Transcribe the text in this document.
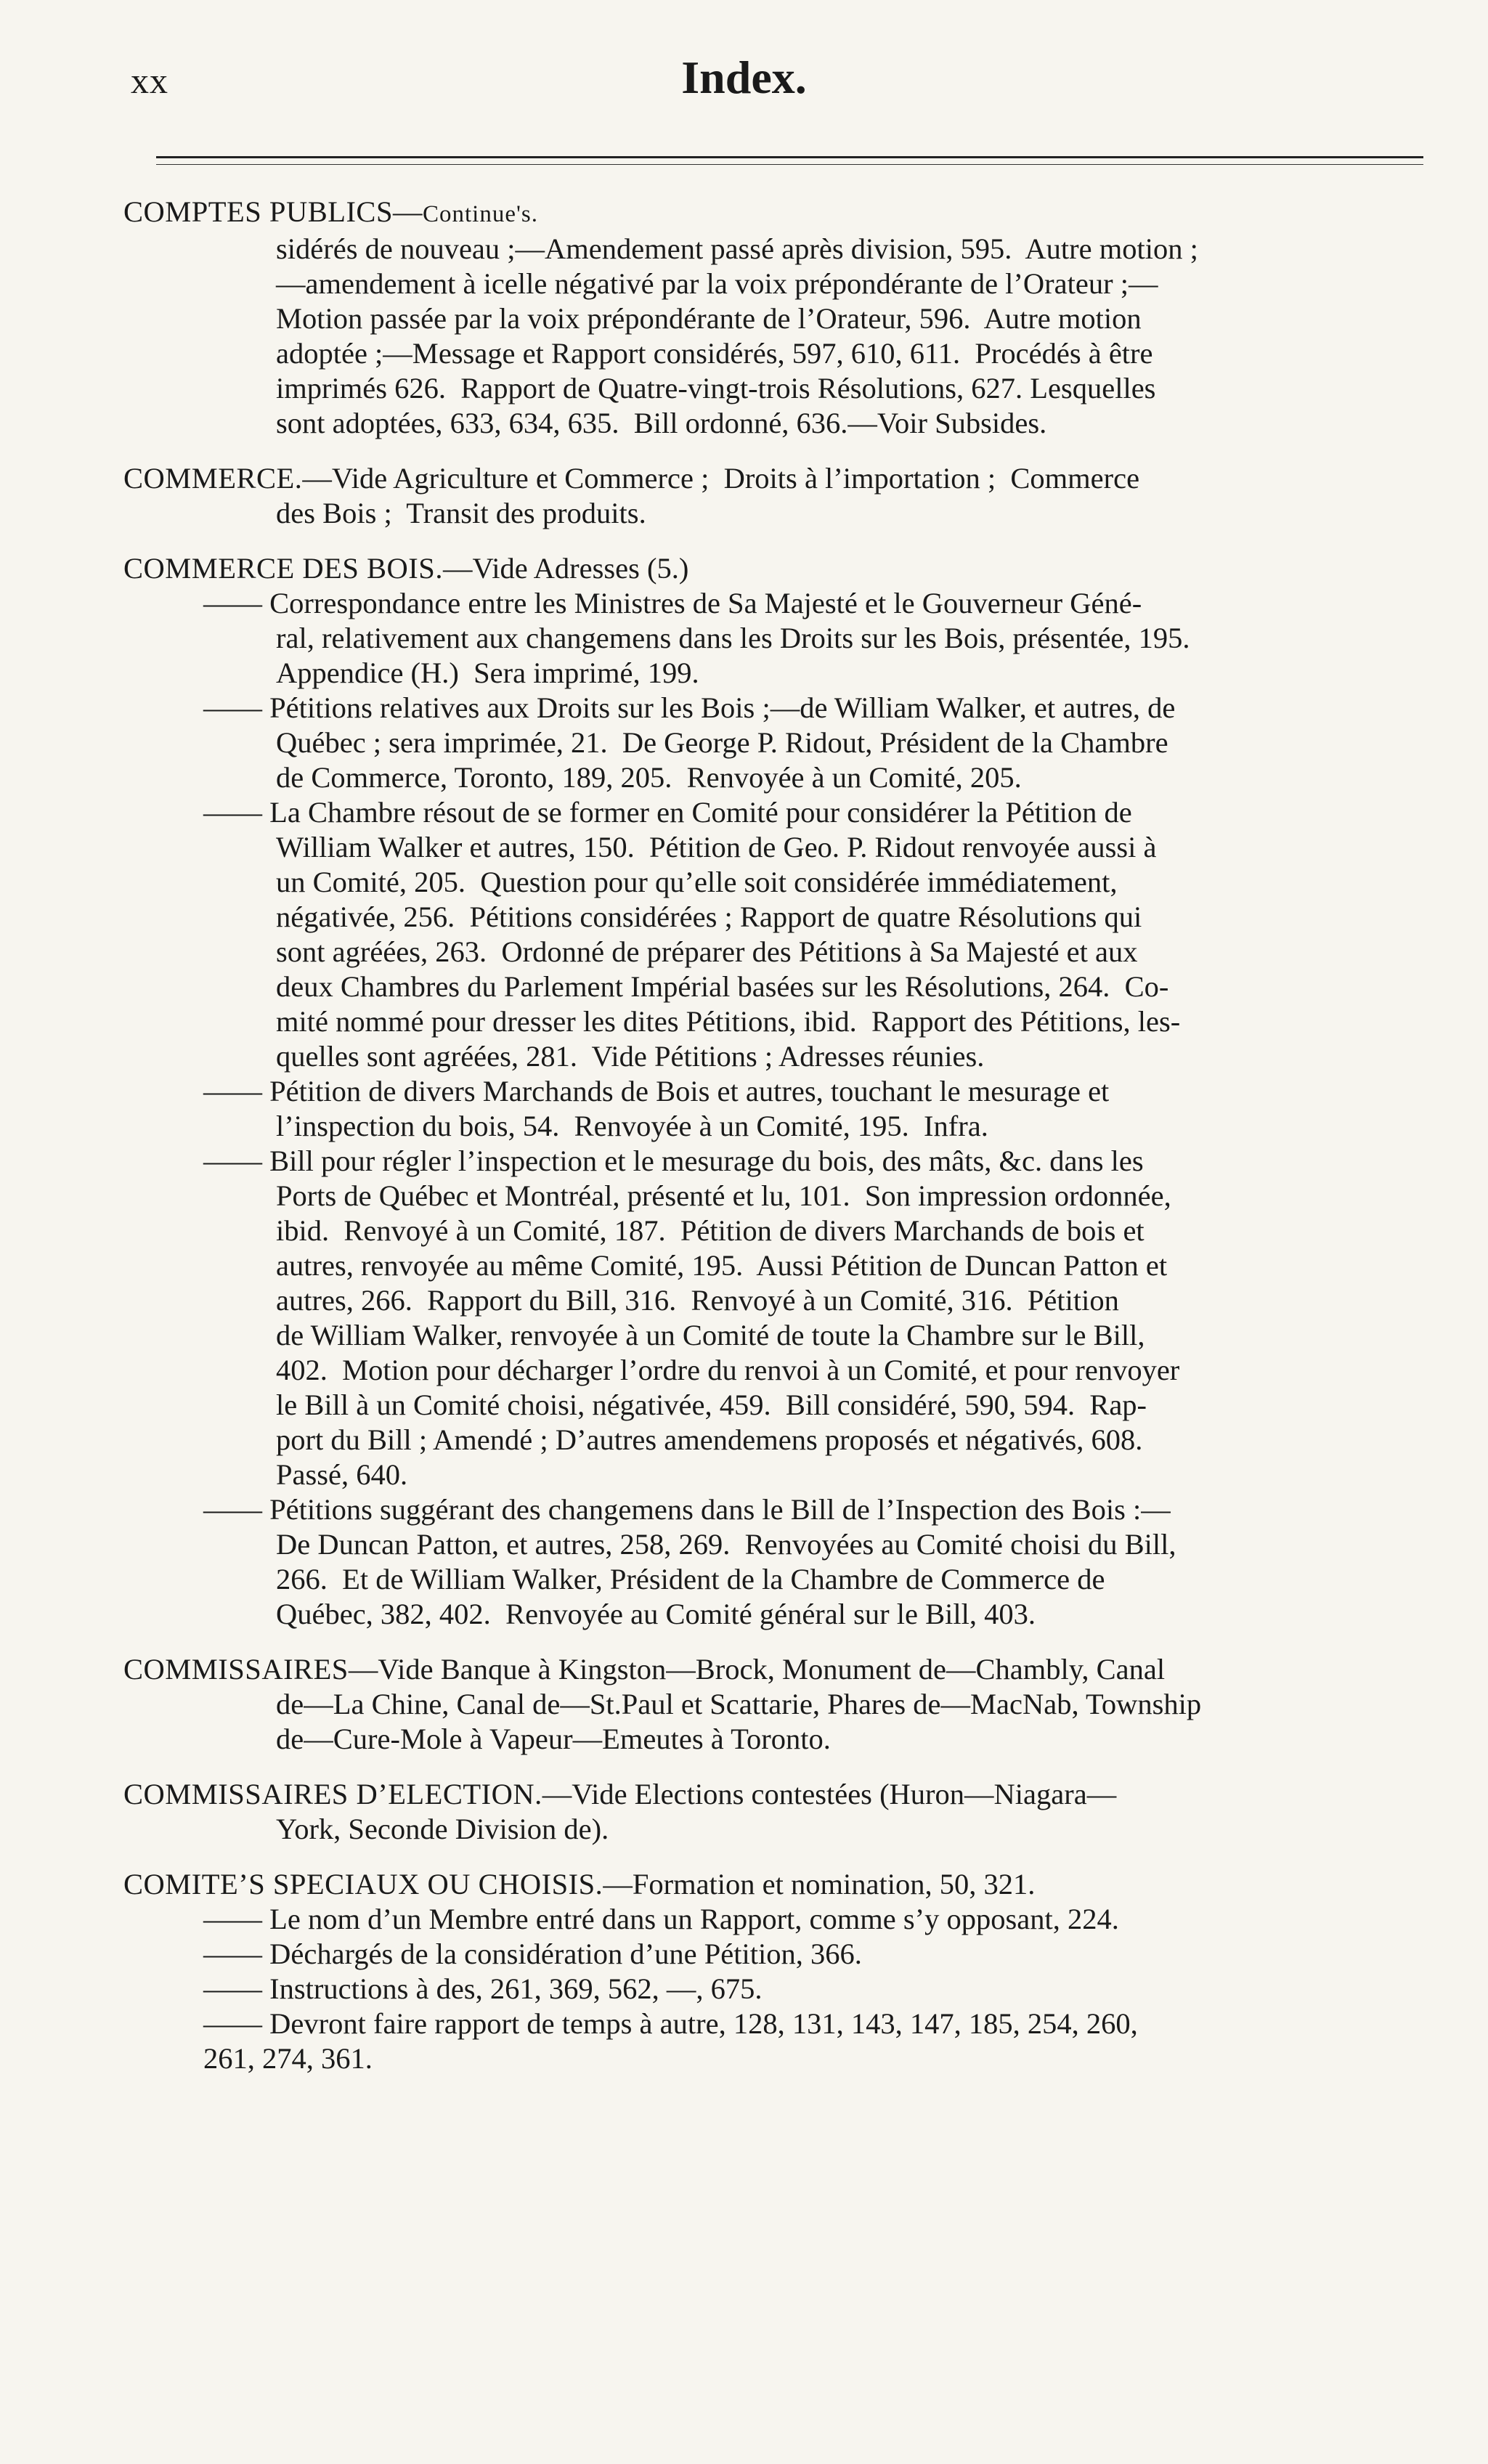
xx	Index.
COMPTES PUBLICS—Continue's.
sidérés de nouveau ;—Amendement passé après division, 595.  Autre motion ;
—amendement à icelle négativé par la voix prépondérante de l’Orateur ;—
Motion passée par la voix prépondérante de l’Orateur, 596.  Autre motion
adoptée ;—Message et Rapport considérés, 597, 610, 611.  Procédés à être
imprimés 626.  Rapport de Quatre-vingt-trois Résolutions, 627. Lesquelles
sont adoptées, 633, 634, 635.  Bill ordonné, 636.—Voir Subsides.
COMMERCE.—Vide Agriculture et Commerce ;  Droits à l’importation ;  Commerce
des Bois ;  Transit des produits.
COMMERCE DES BOIS.—Vide Adresses (5.)
—— Correspondance entre les Ministres de Sa Majesté et le Gouverneur Géné-
ral, relativement aux changemens dans les Droits sur les Bois, présentée, 195.
Appendice (H.)  Sera imprimé, 199.
—— Pétitions relatives aux Droits sur les Bois ;—de William Walker, et autres, de
Québec ; sera imprimée, 21.  De George P. Ridout, Président de la Chambre
de Commerce, Toronto, 189, 205.  Renvoyée à un Comité, 205.
—— La Chambre résout de se former en Comité pour considérer la Pétition de
William Walker et autres, 150.  Pétition de Geo. P. Ridout renvoyée aussi à
un Comité, 205.  Question pour qu’elle soit considérée immédiatement,
négativée, 256.  Pétitions considérées ; Rapport de quatre Résolutions qui
sont agréées, 263.  Ordonné de préparer des Pétitions à Sa Majesté et aux
deux Chambres du Parlement Impérial basées sur les Résolutions, 264.  Co-
mité nommé pour dresser les dites Pétitions, ibid.  Rapport des Pétitions, les-
quelles sont agréées, 281.  Vide Pétitions ; Adresses réunies.
—— Pétition de divers Marchands de Bois et autres, touchant le mesurage et
l’inspection du bois, 54.  Renvoyée à un Comité, 195.  Infra.
—— Bill pour régler l’inspection et le mesurage du bois, des mâts, &c. dans les
Ports de Québec et Montréal, présenté et lu, 101.  Son impression ordonnée,
ibid.  Renvoyé à un Comité, 187.  Pétition de divers Marchands de bois et
autres, renvoyée au même Comité, 195.  Aussi Pétition de Duncan Patton et
autres, 266.  Rapport du Bill, 316.  Renvoyé à un Comité, 316.  Pétition
de William Walker, renvoyée à un Comité de toute la Chambre sur le Bill,
402.  Motion pour décharger l’ordre du renvoi à un Comité, et pour renvoyer
le Bill à un Comité choisi, négativée, 459.  Bill considéré, 590, 594.  Rap-
port du Bill ; Amendé ; D’autres amendemens proposés et négativés, 608.
Passé, 640.
—— Pétitions suggérant des changemens dans le Bill de l’Inspection des Bois :—
De Duncan Patton, et autres, 258, 269.  Renvoyées au Comité choisi du Bill,
266.  Et de William Walker, Président de la Chambre de Commerce de
Québec, 382, 402.  Renvoyée au Comité général sur le Bill, 403.
COMMISSAIRES—Vide Banque à Kingston—Brock, Monument de—Chambly, Canal
de—La Chine, Canal de—St.Paul et Scattarie, Phares de—MacNab, Township
de—Cure-Mole à Vapeur—Emeutes à Toronto.
COMMISSAIRES D’ELECTION.—Vide Elections contestées (Huron—Niagara—
York, Seconde Division de).
COMITE’S SPECIAUX OU CHOISIS.—Formation et nomination, 50, 321.
—— Le nom d’un Membre entré dans un Rapport, comme s’y opposant, 224.
—— Déchargés de la considération d’une Pétition, 366.
—— Instructions à des, 261, 369, 562, —, 675.
—— Devront faire rapport de temps à autre, 128, 131, 143, 147, 185, 254, 260,
261, 274, 361.
